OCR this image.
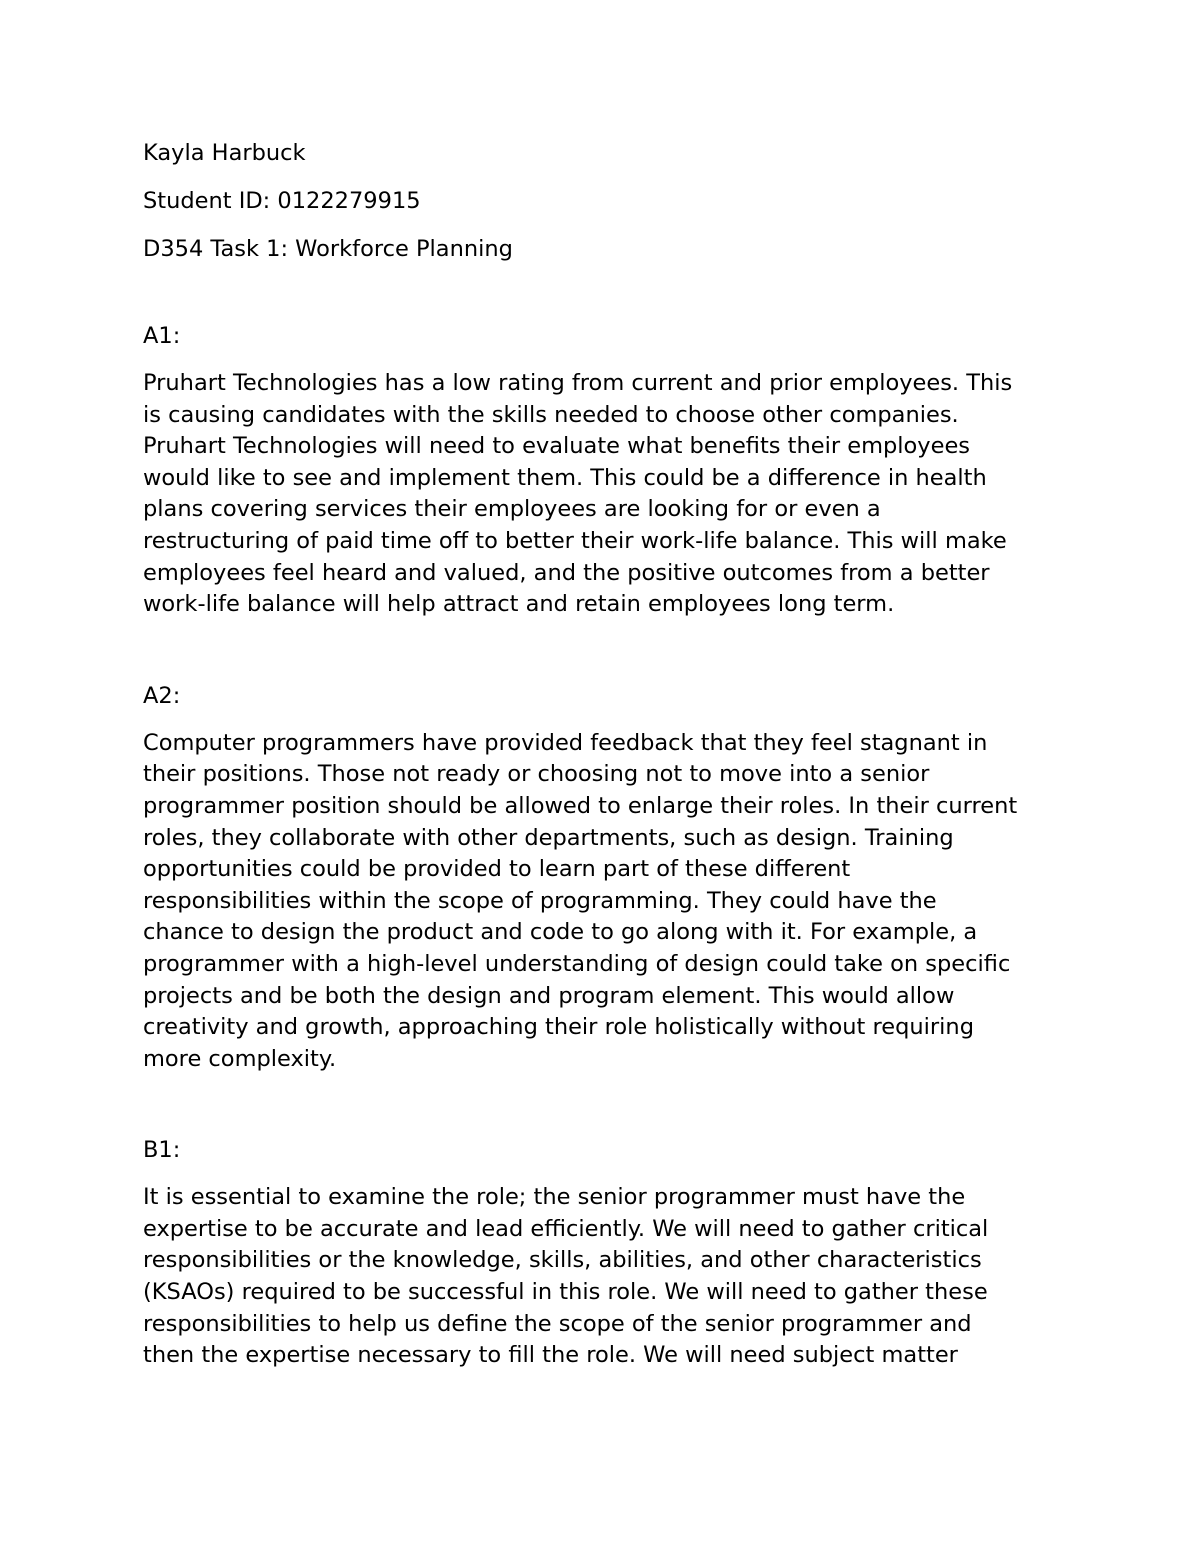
Kayla Harbuck

Student ID: 0122279915

D354 Task 1: Workforce Planning

A1:

Pruhart Technologies has a low rating from current and prior employees. This
is causing candidates with the skills needed to choose other companies.
Pruhart Technologies will need to evaluate what benefits their employees
would like to see and implement them. This could be a difference in health
plans covering services their employees are looking for or even a
restructuring of paid time off to better their work-life balance. This will make
employees feel heard and valued, and the positive outcomes from a better
work-life balance will help attract and retain employees long term.

A2:

Computer programmers have provided feedback that they feel stagnant in
their positions. Those not ready or choosing not to move into a senior
programmer position should be allowed to enlarge their roles. In their current
roles, they collaborate with other departments, such as design. Training
opportunities could be provided to learn part of these different
responsibilities within the scope of programming. They could have the
chance to design the product and code to go along with it. For example, a
programmer with a high-level understanding of design could take on specific
projects and be both the design and program element. This would allow
creativity and growth, approaching their role holistically without requiring
more complexity.

B1:

It is essential to examine the role; the senior programmer must have the
expertise to be accurate and lead efficiently. We will need to gather critical
responsibilities or the knowledge, skills, abilities, and other characteristics
(KSAOs) required to be successful in this role. We will need to gather these
responsibilities to help us define the scope of the senior programmer and
then the expertise necessary to fill the role. We will need subject matter
